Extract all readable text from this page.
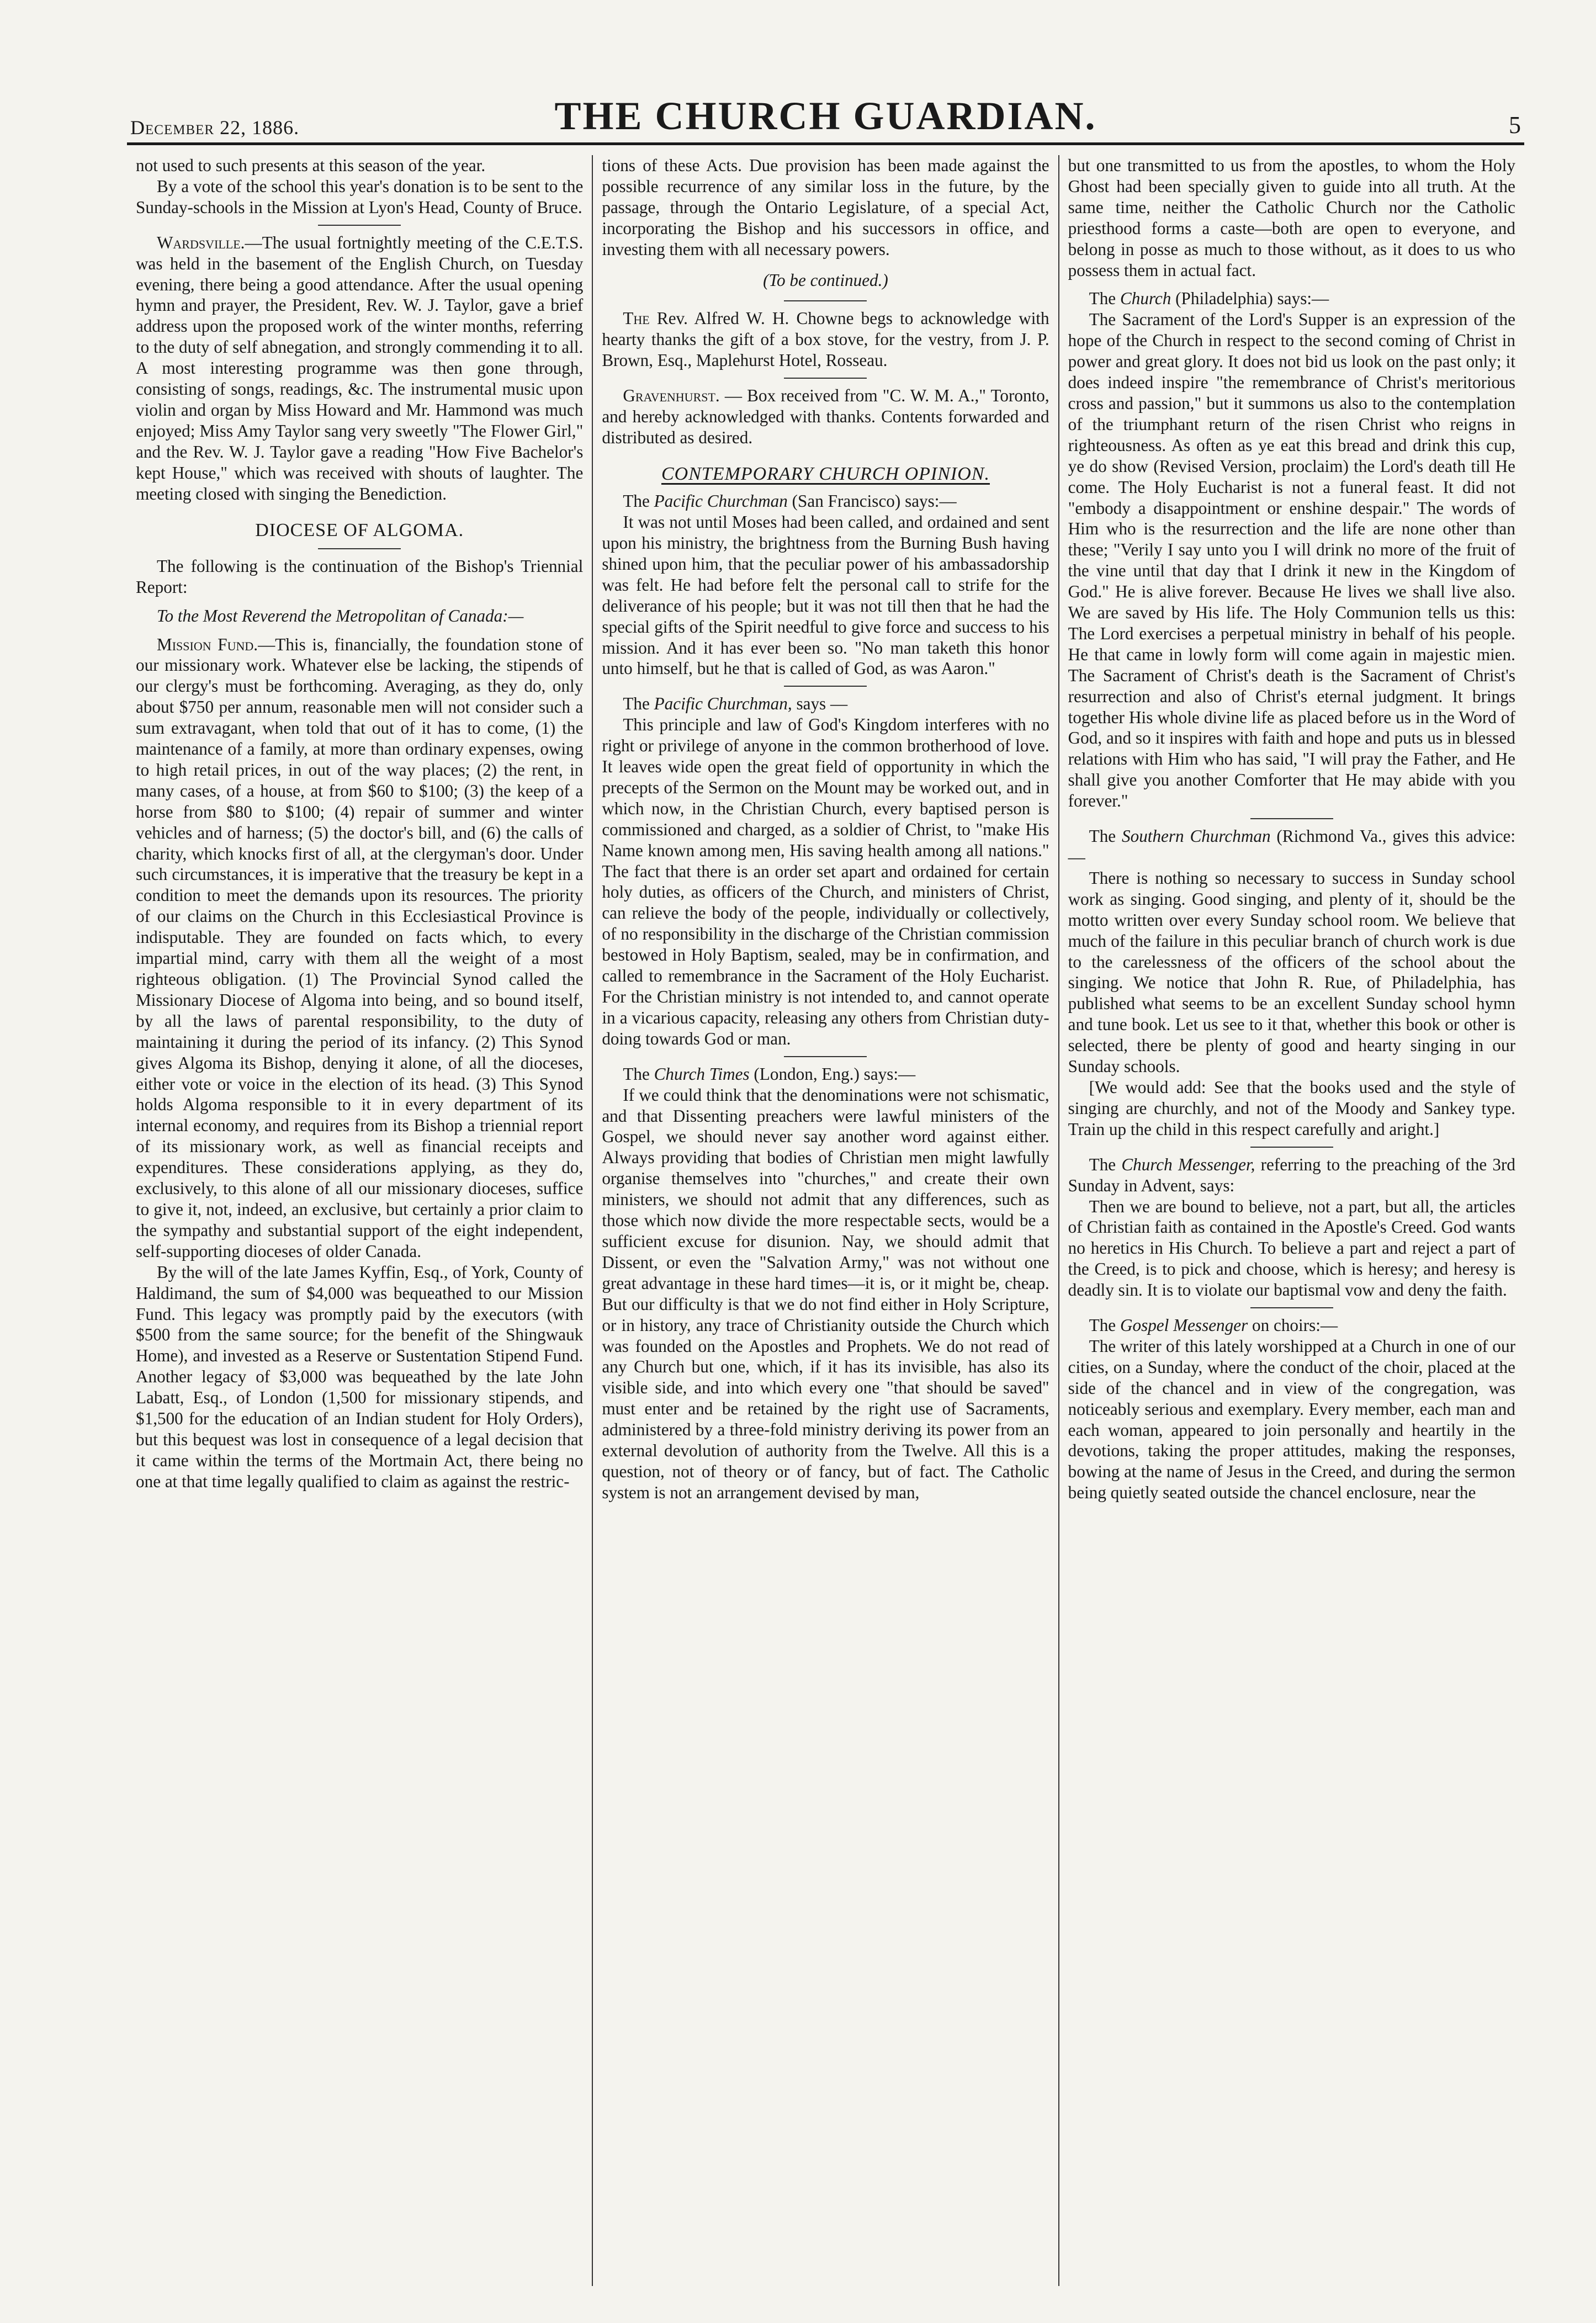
December 22, 1886.	THE CHURCH GUARDIAN.	5

not used to such presents at this season of the year.

By a vote of the school this year's donation is to be sent to the Sunday-schools in the Mission at Lyon's Head, County of Bruce.

Wardsville.—The usual fortnightly meeting of the C.E.T.S. was held in the basement of the English Church, on Tuesday evening, there being a good attendance. After the usual opening hymn and prayer, the President, Rev. W. J. Taylor, gave a brief address upon the proposed work of the winter months, referring to the duty of self abnegation, and strongly commending it to all. A most interesting programme was then gone through, consisting of songs, readings, &c. The instrumental music upon violin and organ by Miss Howard and Mr. Hammond was much enjoyed; Miss Amy Taylor sang very sweetly "The Flower Girl," and the Rev. W. J. Taylor gave a reading "How Five Bachelor's kept House," which was received with shouts of laughter. The meeting closed with singing the Benediction.

DIOCESE OF ALGOMA.

The following is the continuation of the Bishop's Triennial Report:

To the Most Reverend the Metropolitan of Canada:—

Mission Fund.—This is, financially, the foundation stone of our missionary work. Whatever else be lacking, the stipends of our clergy's must be forthcoming. Averaging, as they do, only about $750 per annum, reasonable men will not consider such a sum extravagant, when told that out of it has to come, (1) the maintenance of a family, at more than ordinary expenses, owing to high retail prices, in out of the way places; (2) the rent, in many cases, of a house, at from $60 to $100; (3) the keep of a horse from $80 to $100; (4) repair of summer and winter vehicles and of harness; (5) the doctor's bill, and (6) the calls of charity, which knocks first of all, at the clergyman's door. Under such circumstances, it is imperative that the treasury be kept in a condition to meet the demands upon its resources. The priority of our claims on the Church in this Ecclesiastical Province is indisputable. They are founded on facts which, to every impartial mind, carry with them all the weight of a most righteous obligation. (1) The Provincial Synod called the Missionary Diocese of Algoma into being, and so bound itself, by all the laws of parental responsibility, to the duty of maintaining it during the period of its infancy. (2) This Synod gives Algoma its Bishop, denying it alone, of all the dioceses, either vote or voice in the election of its head. (3) This Synod holds Algoma responsible to it in every department of its internal economy, and requires from its Bishop a triennial report of its missionary work, as well as financial receipts and expenditures. These considerations applying, as they do, exclusively, to this alone of all our missionary dioceses, suffice to give it, not, indeed, an exclusive, but certainly a prior claim to the sympathy and substantial support of the eight independent, self-supporting dioceses of older Canada.

By the will of the late James Kyffin, Esq., of York, County of Haldimand, the sum of $4,000 was bequeathed to our Mission Fund. This legacy was promptly paid by the executors (with $500 from the same source; for the benefit of the Shingwauk Home), and invested as a Reserve or Sustentation Stipend Fund. Another legacy of $3,000 was bequeathed by the late John Labatt, Esq., of London (1,500 for missionary stipends, and $1,500 for the education of an Indian student for Holy Orders), but this bequest was lost in consequence of a legal decision that it came within the terms of the Mortmain Act, there being no one at that time legally qualified to claim as against the restric-

tions of these Acts. Due provision has been made against the possible recurrence of any similar loss in the future, by the passage, through the Ontario Legislature, of a special Act, incorporating the Bishop and his successors in office, and investing them with all necessary powers.

(To be continued.)

The Rev. Alfred W. H. Chowne begs to acknowledge with hearty thanks the gift of a box stove, for the vestry, from J. P. Brown, Esq., Maplehurst Hotel, Rosseau.

Gravenhurst. — Box received from "C. W. M. A.," Toronto, and hereby acknowledged with thanks. Contents forwarded and distributed as desired.

CONTEMPORARY CHURCH OPINION.

The Pacific Churchman (San Francisco) says:—

It was not until Moses had been called, and ordained and sent upon his ministry, the brightness from the Burning Bush having shined upon him, that the peculiar power of his ambassadorship was felt. He had before felt the personal call to strife for the deliverance of his people; but it was not till then that he had the special gifts of the Spirit needful to give force and success to his mission. And it has ever been so. "No man taketh this honor unto himself, but he that is called of God, as was Aaron."

The Pacific Churchman, says —

This principle and law of God's Kingdom interferes with no right or privilege of anyone in the common brotherhood of love. It leaves wide open the great field of opportunity in which the precepts of the Sermon on the Mount may be worked out, and in which now, in the Christian Church, every baptised person is commissioned and charged, as a soldier of Christ, to "make His Name known among men, His saving health among all nations." The fact that there is an order set apart and ordained for certain holy duties, as officers of the Church, and ministers of Christ, can relieve the body of the people, individually or collectively, of no responsibility in the discharge of the Christian commission bestowed in Holy Baptism, sealed, may be in confirmation, and called to remembrance in the Sacrament of the Holy Eucharist. For the Christian ministry is not intended to, and cannot operate in a vicarious capacity, releasing any others from Christian duty-doing towards God or man.

The Church Times (London, Eng.) says:—

If we could think that the denominations were not schismatic, and that Dissenting preachers were lawful ministers of the Gospel, we should never say another word against either. Always providing that bodies of Christian men might lawfully organise themselves into "churches," and create their own ministers, we should not admit that any differences, such as those which now divide the more respectable sects, would be a sufficient excuse for disunion. Nay, we should admit that Dissent, or even the "Salvation Army," was not without one great advantage in these hard times—it is, or it might be, cheap. But our difficulty is that we do not find either in Holy Scripture, or in history, any trace of Christianity outside the Church which was founded on the Apostles and Prophets. We do not read of any Church but one, which, if it has its invisible, has also its visible side, and into which every one "that should be saved" must enter and be retained by the right use of Sacraments, administered by a three-fold ministry deriving its power from an external devolution of authority from the Twelve. All this is a question, not of theory or of fancy, but of fact. The Catholic system is not an arrangement devised by man,

but one transmitted to us from the apostles, to whom the Holy Ghost had been specially given to guide into all truth. At the same time, neither the Catholic Church nor the Catholic priesthood forms a caste—both are open to everyone, and belong in posse as much to those without, as it does to us who possess them in actual fact.

The Church (Philadelphia) says:—

The Sacrament of the Lord's Supper is an expression of the hope of the Church in respect to the second coming of Christ in power and great glory. It does not bid us look on the past only; it does indeed inspire "the remembrance of Christ's meritorious cross and passion," but it summons us also to the contemplation of the triumphant return of the risen Christ who reigns in righteousness. As often as ye eat this bread and drink this cup, ye do show (Revised Version, proclaim) the Lord's death till He come. The Holy Eucharist is not a funeral feast. It did not "embody a disappointment or enshine despair." The words of Him who is the resurrection and the life are none other than these; "Verily I say unto you I will drink no more of the fruit of the vine until that day that I drink it new in the Kingdom of God." He is alive forever. Because He lives we shall live also. We are saved by His life. The Holy Communion tells us this: The Lord exercises a perpetual ministry in behalf of his people. He that came in lowly form will come again in majestic mien. The Sacrament of Christ's death is the Sacrament of Christ's resurrection and also of Christ's eternal judgment. It brings together His whole divine life as placed before us in the Word of God, and so it inspires with faith and hope and puts us in blessed relations with Him who has said, "I will pray the Father, and He shall give you another Comforter that He may abide with you forever."

The Southern Churchman (Richmond Va., gives this advice:—

There is nothing so necessary to success in Sunday school work as singing. Good singing, and plenty of it, should be the motto written over every Sunday school room. We believe that much of the failure in this peculiar branch of church work is due to the carelessness of the officers of the school about the singing. We notice that John R. Rue, of Philadelphia, has published what seems to be an excellent Sunday school hymn and tune book. Let us see to it that, whether this book or other is selected, there be plenty of good and hearty singing in our Sunday schools.

[We would add: See that the books used and the style of singing are churchly, and not of the Moody and Sankey type. Train up the child in this respect carefully and aright.]

The Church Messenger, referring to the preaching of the 3rd Sunday in Advent, says:

Then we are bound to believe, not a part, but all, the articles of Christian faith as contained in the Apostle's Creed. God wants no heretics in His Church. To believe a part and reject a part of the Creed, is to pick and choose, which is heresy; and heresy is deadly sin. It is to violate our baptismal vow and deny the faith.

The Gospel Messenger on choirs:—

The writer of this lately worshipped at a Church in one of our cities, on a Sunday, where the conduct of the choir, placed at the side of the chancel and in view of the congregation, was noticeably serious and exemplary. Every member, each man and each woman, appeared to join personally and heartily in the devotions, taking the proper attitudes, making the responses, bowing at the name of Jesus in the Creed, and during the sermon being quietly seated outside the chancel enclosure, near the
